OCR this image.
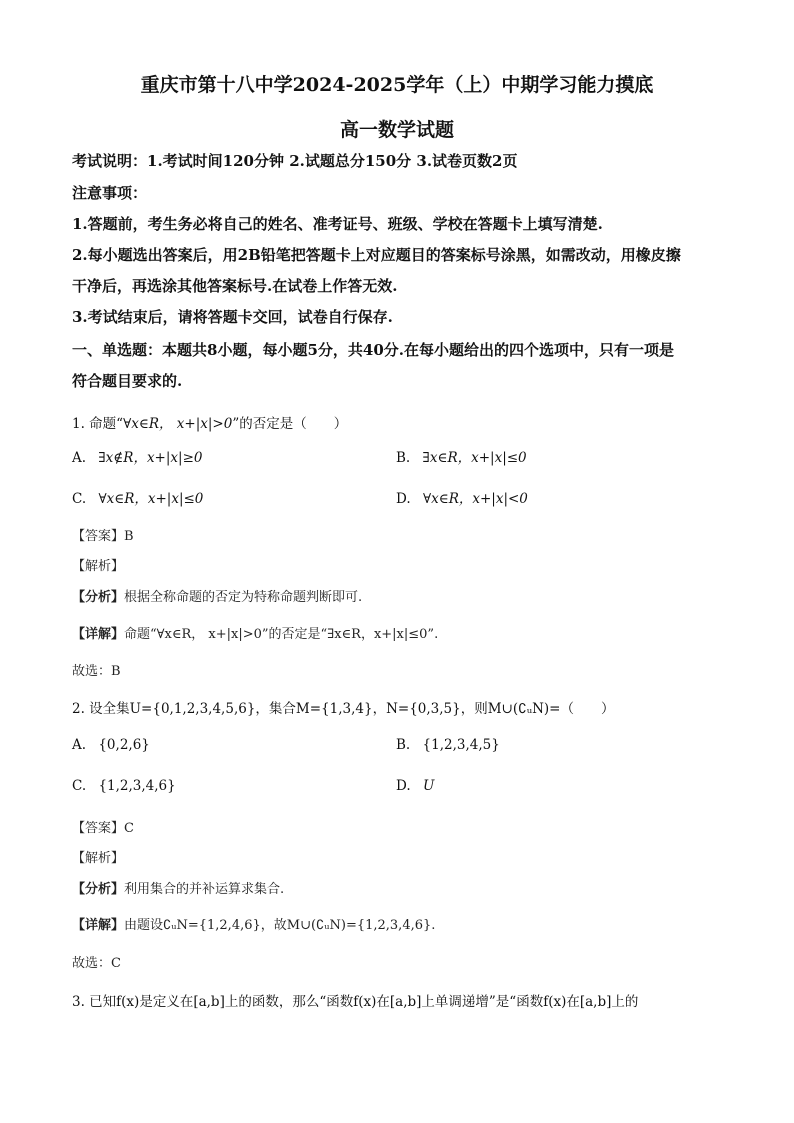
重庆市第十八中学2024-2025学年（上）中期学习能力摸底
高一数学试题
考试说明：1.考试时间120分钟 2.试题总分150分 3.试卷页数2页
注意事项：
1.答题前，考生务必将自己的姓名、准考证号、班级、学校在答题卡上填写清楚.
2.每小题选出答案后，用2B铅笔把答题卡上对应题目的答案标号涂黑，如需改动，用橡皮擦
干净后，再选涂其他答案标号.在试卷上作答无效.
3.考试结束后，请将答题卡交回，试卷自行保存.
一、单选题：本题共8小题，每小题5分，共40分.在每小题给出的四个选项中，只有一项是
符合题目要求的.
1. 命题“∀x∈R， x+|x|>0”的否定是（　　）
A. ∃x∉R，x+|x|≥0	B. ∃x∈R，x+|x|≤0
C. ∀x∈R，x+|x|≤0	D. ∀x∈R，x+|x|<0
【答案】B
【解析】
【分析】根据全称命题的否定为特称命题判断即可.
【详解】命题“∀x∈R， x+|x|>0”的否定是“∃x∈R，x+|x|≤0”.
故选：B
2. 设全集U={0,1,2,3,4,5,6}，集合M={1,3,4}，N={0,3,5}，则M∪(∁ᵤN)=（　　）
A. {0,2,6}	B. {1,2,3,4,5}
C. {1,2,3,4,6}	D. U
【答案】C
【解析】
【分析】利用集合的并补运算求集合.
【详解】由题设∁ᵤN={1,2,4,6}，故M∪(∁ᵤN)={1,2,3,4,6}.
故选：C
3. 已知f(x)是定义在[a,b]上的函数，那么“函数f(x)在[a,b]上单调递增”是“函数f(x)在[a,b]上的
